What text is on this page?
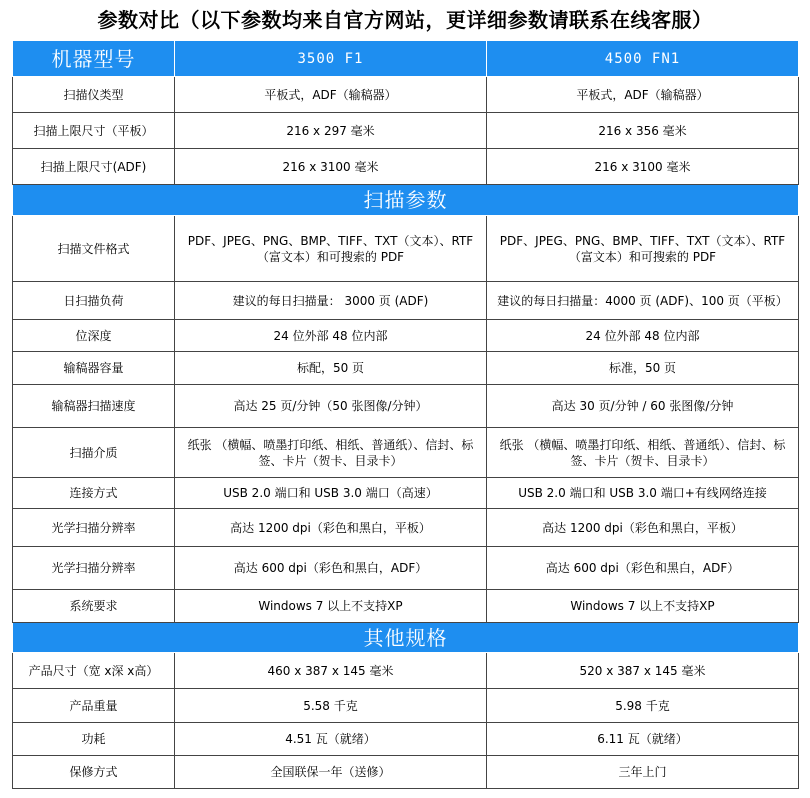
参数对比（以下参数均来自官方网站，更详细参数请联系在线客服）
机器型号	3500 F1	4500 FN1
扫描仪类型	平板式，ADF（输稿器）	平板式，ADF（输稿器）
扫描上限尺寸（平板）	216 x 297 毫米	216 x 356 毫米
扫描上限尺寸(ADF)	216 x 3100 毫米	216 x 3100 毫米
扫描参数		
扫描文件格式	PDF、JPEG、PNG、BMP、TIFF、TXT（文本）、RTF（富文本）和可搜索的 PDF	PDF、JPEG、PNG、BMP、TIFF、TXT（文本）、RTF（富文本）和可搜索的 PDF
日扫描负荷	建议的每日扫描量： 3000 页 (ADF)	建议的每日扫描量：4000 页 (ADF)、100 页（平板）
位深度	24 位外部 48 位内部	24 位外部 48 位内部
输稿器容量	标配，50 页	标准，50 页
输稿器扫描速度	高达 25 页/分钟（50 张图像/分钟）	高达 30 页/分钟 / 60 张图像/分钟
扫描介质	纸张 （横幅、喷墨打印纸、相纸、普通纸）、信封、标签、卡片（贺卡、目录卡）	纸张 （横幅、喷墨打印纸、相纸、普通纸）、信封、标签、卡片（贺卡、目录卡）
连接方式	USB 2.0 端口和 USB 3.0 端口（高速）	USB 2.0 端口和 USB 3.0 端口+有线网络连接
光学扫描分辨率	高达 1200 dpi（彩色和黑白，平板）	高达 1200 dpi（彩色和黑白，平板）
光学扫描分辨率	高达 600 dpi（彩色和黑白，ADF）	高达 600 dpi（彩色和黑白，ADF）
系统要求	Windows 7 以上不支持XP	Windows 7 以上不支持XP
其他规格		
产品尺寸（宽 x深 x高）	460 x 387 x 145 毫米	520 x 387 x 145 毫米
产品重量	5.58 千克	5.98 千克
功耗	4.51 瓦（就绪）	6.11 瓦（就绪）
保修方式	全国联保一年（送修）	三年上门
